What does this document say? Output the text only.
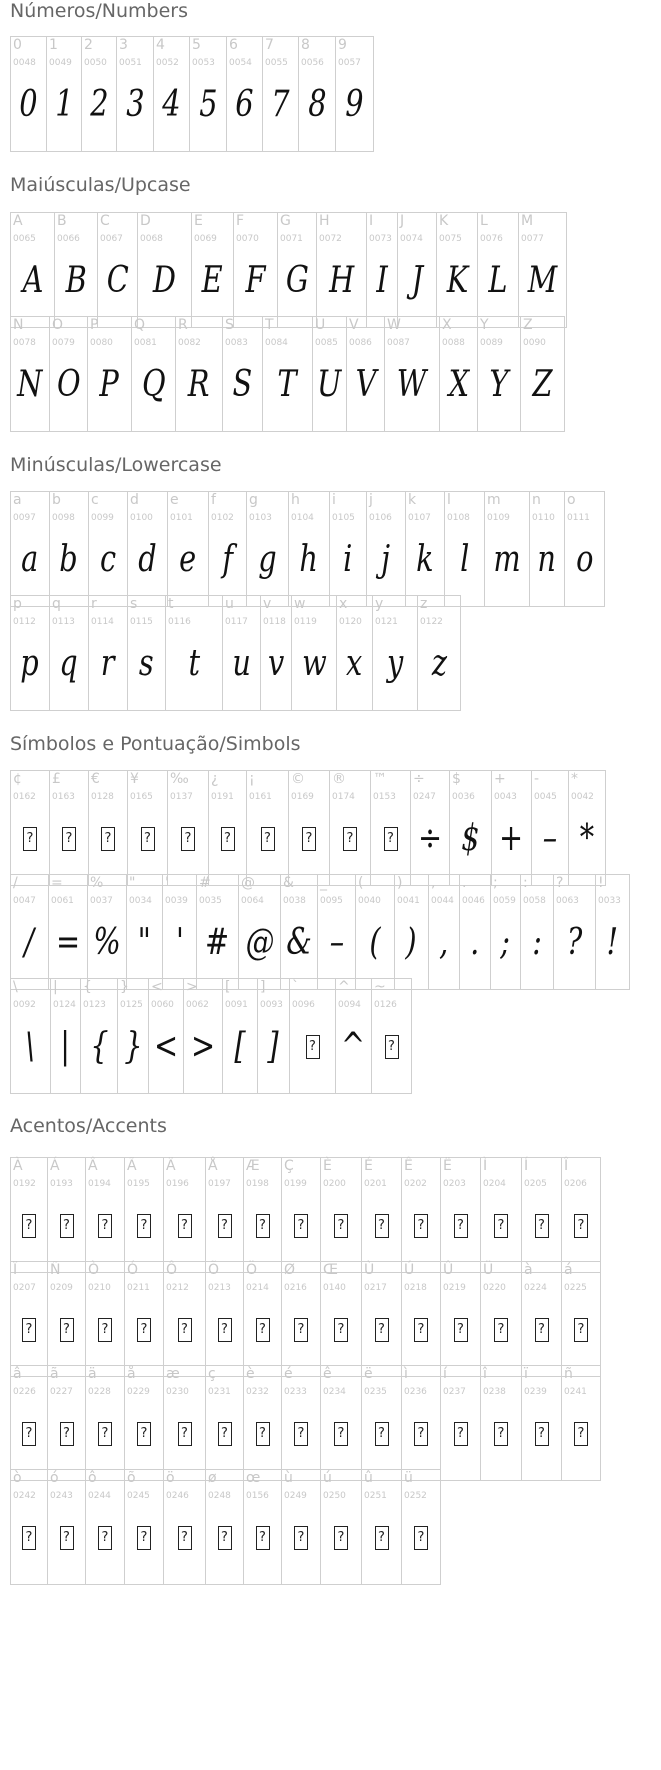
Números/Numbers
0
0048
0
1
0049
1
2
0050
2
3
0051
3
4
0052
4
5
0053
5
6
0054
6
7
0055
7
8
0056
8
9
0057
9
Maiúsculas/Upcase
A
0065
A
B
0066
B
C
0067
C
D
0068
D
E
0069
E
F
0070
F
G
0071
G
H
0072
H
I
0073
I
J
0074
J
K
0075
K
L
0076
L
M
0077
M
N
0078
N
O
0079
O
P
0080
P
Q
0081
Q
R
0082
R
S
0083
S
T
0084
T
U
0085
U
V
0086
V
W
0087
W
X
0088
X
Y
0089
Y
Z
0090
Z
Minúsculas/Lowercase
a
0097
a
b
0098
b
c
0099
c
d
0100
d
e
0101
e
f
0102
f
g
0103
g
h
0104
h
i
0105
i
j
0106
j
k
0107
k
l
0108
l
m
0109
m
n
0110
n
o
0111
o
p
0112
p
q
0113
q
r
0114
r
s
0115
s
t
0116
t
u
0117
u
v
0118
v
w
0119
w
x
0120
x
y
0121
y
z
0122
z
Símbolos e Pontuação/Simbols
¢
0162
?
£
0163
?
€
0128
?
¥
0165
?
‰
0137
?
¿
0191
?
¡
0161
?
©
0169
?
®
0174
?
™
0153
?
÷
0247
÷
$
0036
$
+
0043
+
-
0045
–
*
0042
*
/
0047
/
=
0061
=
%
0037
%
"
0034
"
'
0039
'
#
0035
#
@
0064
@
&
0038
&
_
0095
–
(
0040
(
)
0041
)
,
0044
,
.
0046
.
;
0059
;
:
0058
:
?
0063
?
!
0033
!
\
0092
\
|
0124
|
{
0123
{
}
0125
}
<
0060
<
>
0062
>
[
0091
[
]
0093
]
`
0096
?
^
0094
^
~
0126
?
Acentos/Accents
À
0192
?
Á
0193
?
Â
0194
?
Ã
0195
?
Ä
0196
?
Å
0197
?
Æ
0198
?
Ç
0199
?
È
0200
?
É
0201
?
Ê
0202
?
Ë
0203
?
Ì
0204
?
Í
0205
?
Î
0206
?
Ï
0207
?
Ñ
0209
?
Ò
0210
?
Ó
0211
?
Ô
0212
?
Õ
0213
?
Ö
0214
?
Ø
0216
?
Œ
0140
?
Ù
0217
?
Ú
0218
?
Û
0219
?
Ü
0220
?
à
0224
?
á
0225
?
â
0226
?
ã
0227
?
ä
0228
?
å
0229
?
æ
0230
?
ç
0231
?
è
0232
?
é
0233
?
ê
0234
?
ë
0235
?
ì
0236
?
í
0237
?
î
0238
?
ï
0239
?
ñ
0241
?
ò
0242
?
ó
0243
?
ô
0244
?
õ
0245
?
ö
0246
?
ø
0248
?
œ
0156
?
ù
0249
?
ú
0250
?
û
0251
?
ü
0252
?
